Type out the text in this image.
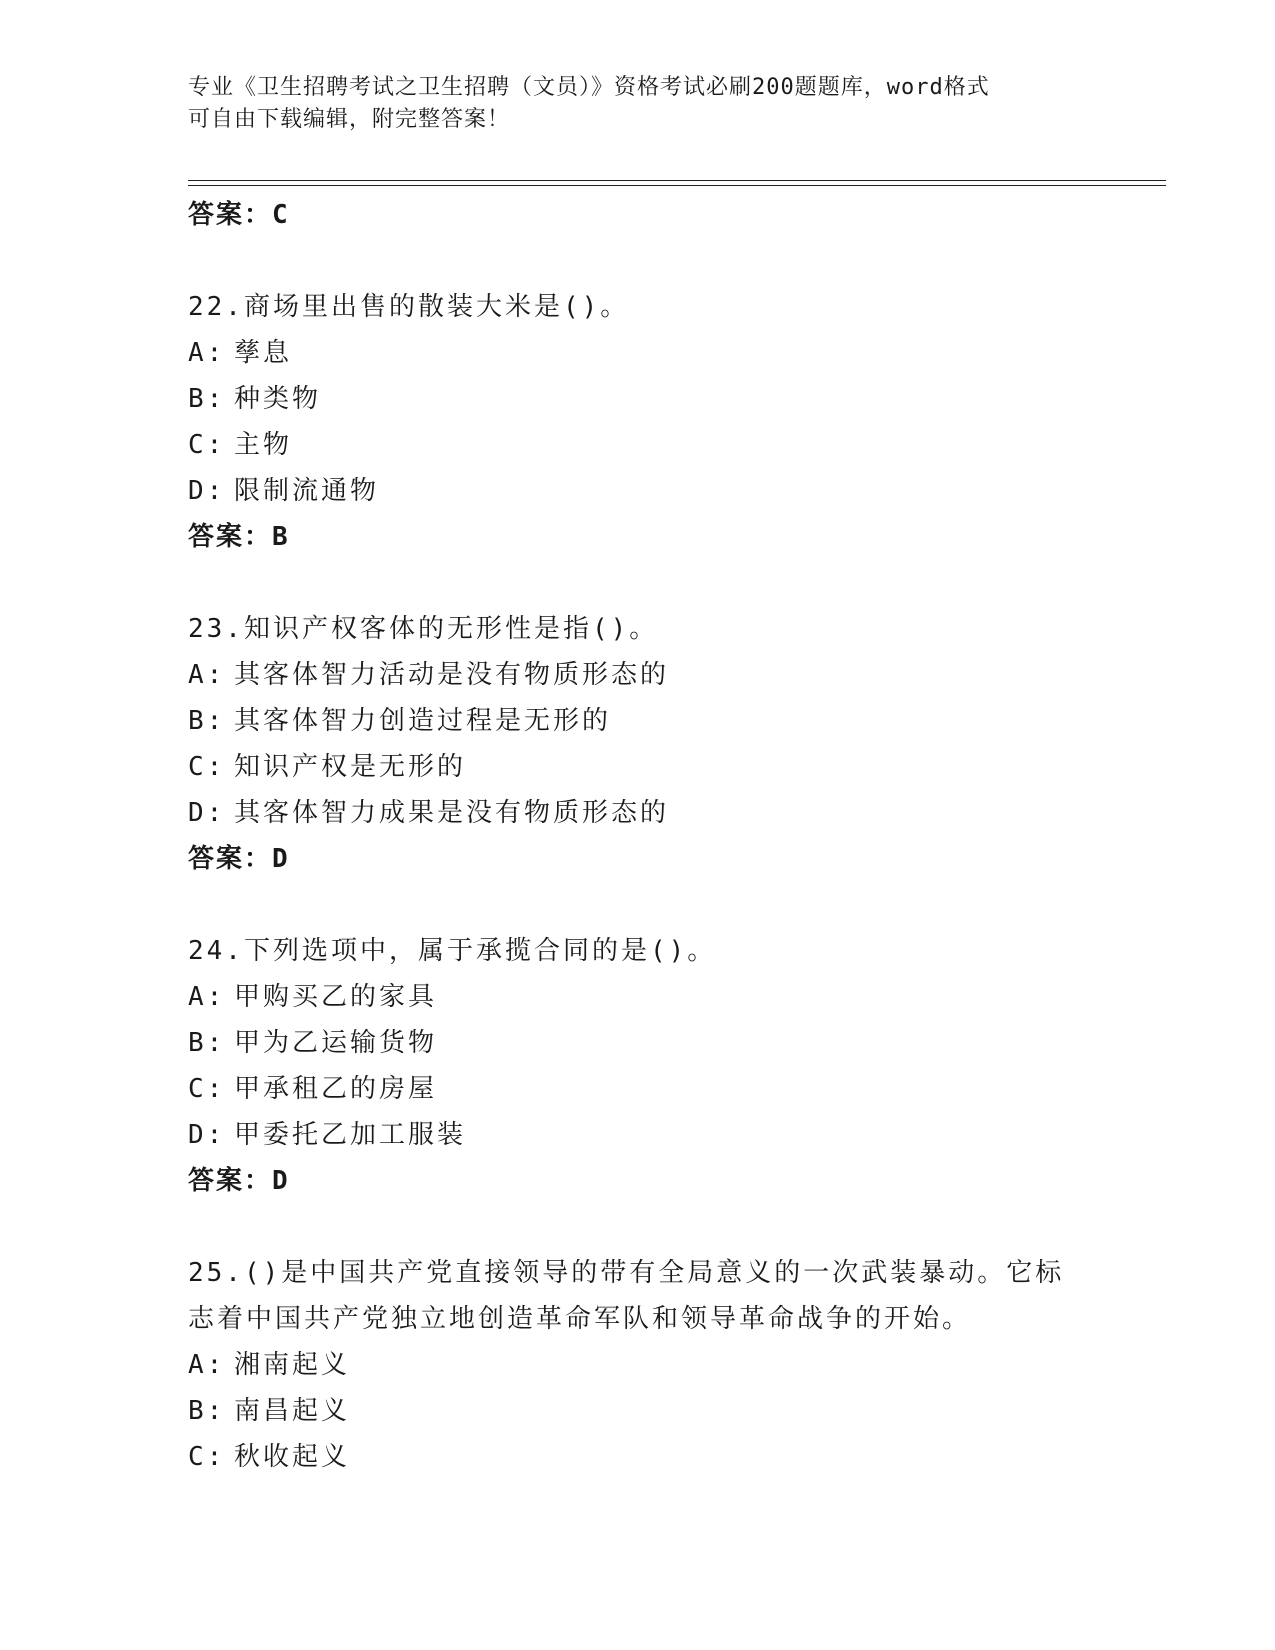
专业《卫生招聘考试之卫生招聘（文员）》资格考试必刷200题题库，word格式
可自由下载编辑，附完整答案！
答案：C
22.商场里出售的散装大米是()。
A: 孳息
B: 种类物
C: 主物
D: 限制流通物
答案：B
23.知识产权客体的无形性是指()。
A: 其客体智力活动是没有物质形态的
B: 其客体智力创造过程是无形的
C: 知识产权是无形的
D: 其客体智力成果是没有物质形态的
答案：D
24.下列选项中，属于承揽合同的是()。
A: 甲购买乙的家具
B: 甲为乙运输货物
C: 甲承租乙的房屋
D: 甲委托乙加工服装
答案：D
25.()是中国共产党直接领导的带有全局意义的一次武装暴动。它标志着中国共产党独立地创造革命军队和领导革命战争的开始。
A: 湘南起义
B: 南昌起义
C: 秋收起义
